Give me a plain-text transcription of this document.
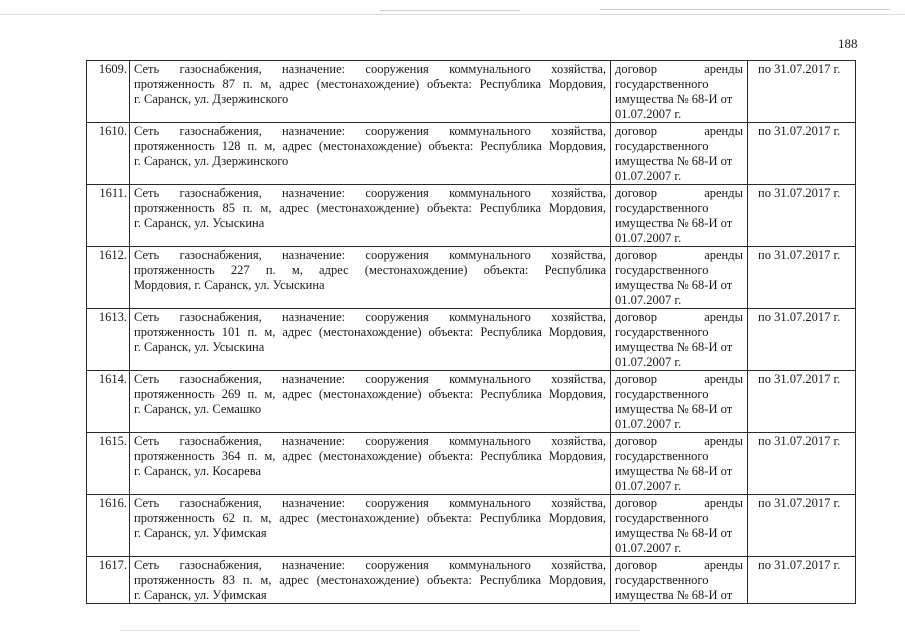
188
1609.	Сеть газоснабжения, назначение: сооружения коммунального хозяйства,
протяженность 87 п. м, адрес (местонахождение) объекта: Республика Мордовия,
г. Саранск, ул. Дзержинского	договор аренды
государственного
имущества № 68-И от
01.07.2007 г.	по 31.07.2017 г.
1610.	Сеть газоснабжения, назначение: сооружения коммунального хозяйства,
протяженность 128 п. м, адрес (местонахождение) объекта: Республика Мордовия,
г. Саранск, ул. Дзержинского	договор аренды
государственного
имущества № 68-И от
01.07.2007 г.	по 31.07.2017 г.
1611.	Сеть газоснабжения, назначение: сооружения коммунального хозяйства,
протяженность 85 п. м, адрес (местонахождение) объекта: Республика Мордовия,
г. Саранск, ул. Усыскина	договор аренды
государственного
имущества № 68-И от
01.07.2007 г.	по 31.07.2017 г.
1612.	Сеть газоснабжения, назначение: сооружения коммунального хозяйства,
протяженность 227 п. м, адрес (местонахождение) объекта: Республика
Мордовия, г. Саранск, ул. Усыскина	договор аренды
государственного
имущества № 68-И от
01.07.2007 г.	по 31.07.2017 г.
1613.	Сеть газоснабжения, назначение: сооружения коммунального хозяйства,
протяженность 101 п. м, адрес (местонахождение) объекта: Республика Мордовия,
г. Саранск, ул. Усыскина	договор аренды
государственного
имущества № 68-И от
01.07.2007 г.	по 31.07.2017 г.
1614.	Сеть газоснабжения, назначение: сооружения коммунального хозяйства,
протяженность 269 п. м, адрес (местонахождение) объекта: Республика Мордовия,
г. Саранск, ул. Семашко	договор аренды
государственного
имущества № 68-И от
01.07.2007 г.	по 31.07.2017 г.
1615.	Сеть газоснабжения, назначение: сооружения коммунального хозяйства,
протяженность 364 п. м, адрес (местонахождение) объекта: Республика Мордовия,
г. Саранск, ул. Косарева	договор аренды
государственного
имущества № 68-И от
01.07.2007 г.	по 31.07.2017 г.
1616.	Сеть газоснабжения, назначение: сооружения коммунального хозяйства,
протяженность 62 п. м, адрес (местонахождение) объекта: Республика Мордовия,
г. Саранск, ул. Уфимская	договор аренды
государственного
имущества № 68-И от
01.07.2007 г.	по 31.07.2017 г.
1617.	Сеть газоснабжения, назначение: сооружения коммунального хозяйства,
протяженность 83 п. м, адрес (местонахождение) объекта: Республика Мордовия,
г. Саранск, ул. Уфимская	договор аренды
государственного
имущества № 68-И от	по 31.07.2017 г.
